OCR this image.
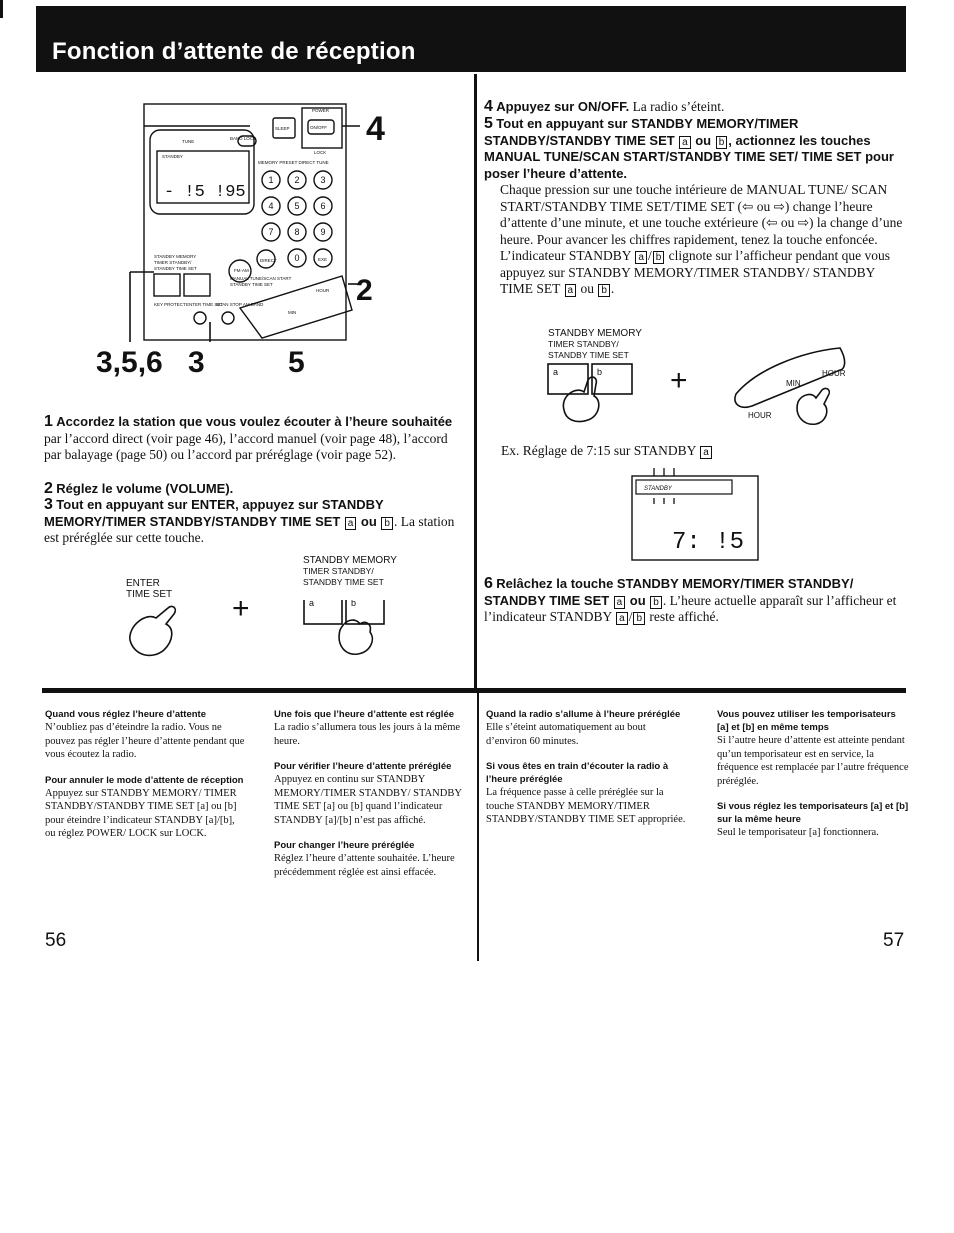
Fonction d’attente de réception
1 2 3
4 5 6
7 8 9
0
POWER
ON/OFF
SLEEP
LOCK
TUNE
BAND LOCK
STANDBY
MEMORY PRESET DIRECT TUNE
STANDBY MEMORY
TIMER STANDBY/
STANDBY TIME SET	FM·AM
DIRECT	EXE
KEY PROTECT ENTER TIME SET
SCAN STOP AM BAND
MANUAL TUNE/SCAN START
STANDBY TIME SET
HOUR
MIN
- !5 !95
4
2
3,5,6 3	5
1 Accordez la station que vous voulez écouter à l’heure souhaitée par l’accord direct (voir page 46), l’accord manuel (voir page 48), l’accord par balayage (page 50) ou l’accord par préréglage (voir page 52).
2 Réglez le volume (VOLUME).
3 Tout en appuyant sur ENTER, appuyez sur STANDBY MEMORY/TIMER STANDBY/STANDBY TIME SET a ou b . La station est préréglée sur cette touche.
ENTER
TIME SET
STANDBY MEMORY
TIMER STANDBY/
STANDBY TIME SET
+	a	b
4 Appuyez sur ON/OFF. La radio s’éteint.
5 Tout en appuyant sur STANDBY MEMORY/TIMER STANDBY/STANDBY TIME SET a ou b , actionnez les touches MANUAL TUNE/SCAN START/STANDBY TIME SET/ TIME SET pour poser l’heure d’attente.
Chaque pression sur une touche intérieure de MANUAL TUNE/ SCAN START/STANDBY TIME SET/TIME SET (⇦ ou ⇨) change l’heure d’attente d’une minute, et une touche extérieure (⇦ ou ⇨) la change d’une heure. Pour avancer les chiffres rapidement, tenez la touche enfoncée.
L’indicateur STANDBY a / b clignote sur l’afficheur pendant que vous appuyez sur STANDBY MEMORY/TIMER STANDBY/ STANDBY TIME SET a ou b .
STANDBY MEMORY
TIMER STANDBY/
STANDBY TIME SET
+
a	b	HOUR
MIN
HOUR
Ex. Réglage de 7:15 sur STANDBY a
STANDBY
7: !5
6 Relâchez la touche STANDBY MEMORY/TIMER STANDBY/ STANDBY TIME SET a ou b . L’heure actuelle apparaît sur l’afficheur et l’indicateur STANDBY a / b reste affiché.
Quand vous réglez l’heure d’attente
N’oubliez pas d’éteindre la radio. Vous ne pouvez pas régler l’heure d’attente pendant que vous écoutez la radio.
Pour annuler le mode d’attente de réception
Appuyez sur STANDBY MEMORY/ TIMER STANDBY/STANDBY TIME SET [a] ou [b] pour éteindre l’indicateur STANDBY [a]/[b], ou réglez POWER/ LOCK sur LOCK.
Une fois que l’heure d’attente est réglée
La radio s’allumera tous les jours à la même heure.
Pour vérifier l’heure d’attente préréglée
Appuyez en continu sur STANDBY MEMORY/TIMER STANDBY/ STANDBY TIME SET [a] ou [b] quand l’indicateur STANDBY [a]/[b] n’est pas affiché.
Pour changer l’heure préréglée
Réglez l’heure d’attente souhaitée. L’heure précédemment réglée est ainsi effacée.
Quand la radio s’allume à l’heure préréglée
Elle s’éteint automatiquement au bout d’environ 60 minutes.
Si vous êtes en train d’écouter la radio à l’heure préréglée
La fréquence passe à celle préréglée sur la touche STANDBY MEMORY/TIMER STANDBY/STANDBY TIME SET appropriée.
Vous pouvez utiliser les temporisateurs [a] et [b] en même temps
Si l’autre heure d’attente est atteinte pendant qu’un temporisateur est en service, la fréquence est remplacée par l’autre fréquence préréglée.
Si vous réglez les temporisateurs [a] et [b] sur la même heure
Seul le temporisateur [a] fonctionnera.
56	57
